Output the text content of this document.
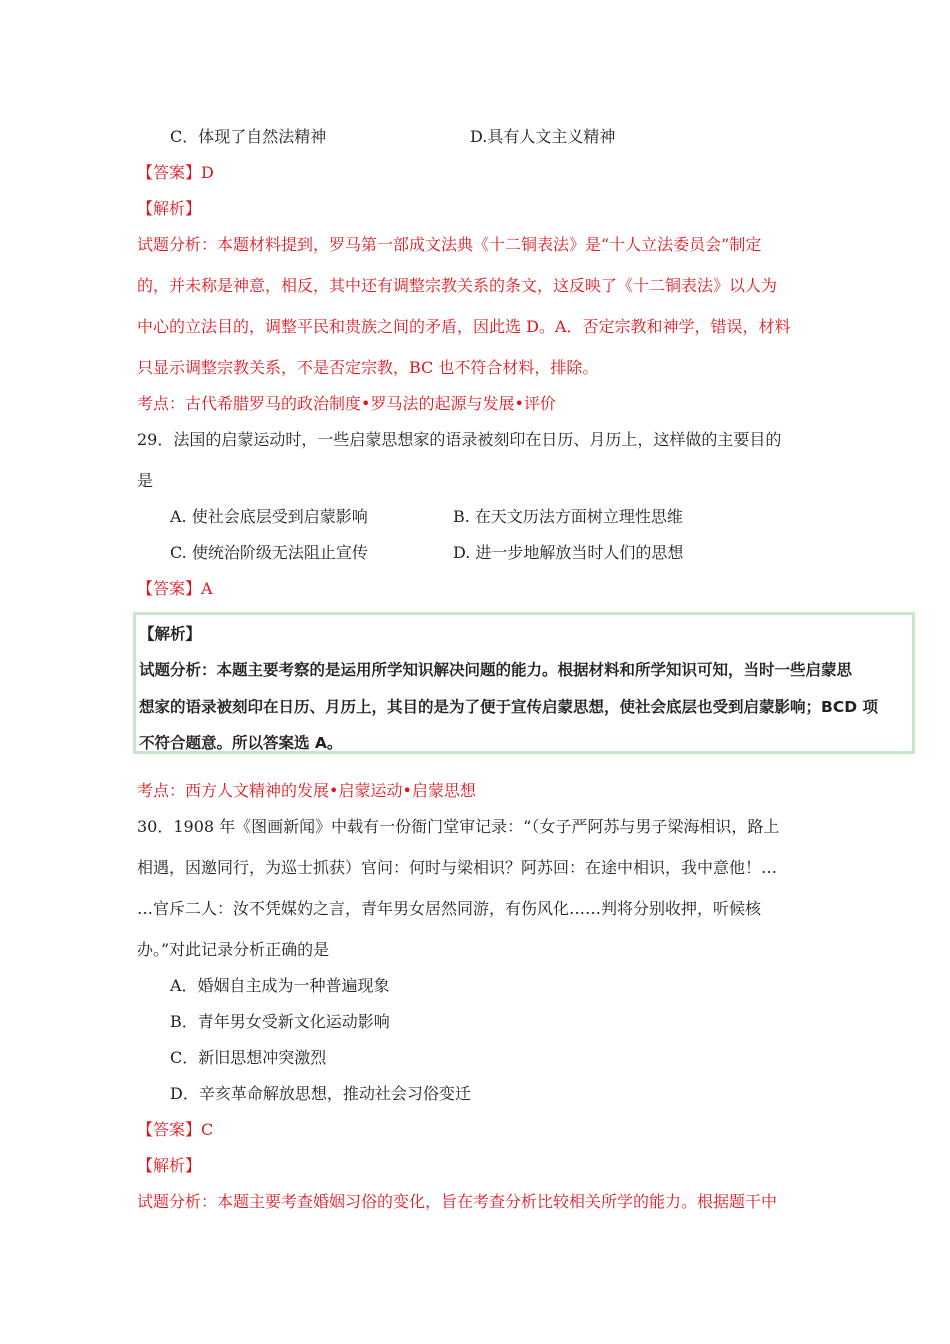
C．体现了自然法精神	D.具有人文主义精神
【答案】D
【解析】
试题分析：本题材料提到，罗马第一部成文法典《十二铜表法》是“十人立法委员会”制定
的，并未称是神意，相反，其中还有调整宗教关系的条文，这反映了《十二铜表法》以人为
中心的立法目的，调整平民和贵族之间的矛盾，因此选 D。A．否定宗教和神学，错误，材料
只显示调整宗教关系，不是否定宗教，BC 也不符合材料，排除。
考点：古代希腊罗马的政治制度•罗马法的起源与发展•评价
29．法国的启蒙运动时，一些启蒙思想家的语录被刻印在日历、月历上，这样做的主要目的
是
A. 使社会底层受到启蒙影响	B. 在天文历法方面树立理性思维
C. 使统治阶级无法阻止宣传	D. 进一步地解放当时人们的思想
【答案】A
【解析】
试题分析：本题主要考察的是运用所学知识解决问题的能力。根据材料和所学知识可知，当时一些启蒙思
想家的语录被刻印在日历、月历上，其目的是为了便于宣传启蒙思想，使社会底层也受到启蒙影响；BCD 项
不符合题意。所以答案选 A。
考点：西方人文精神的发展•启蒙运动•启蒙思想
30．1908 年《图画新闻》中载有一份衙门堂审记录：“（女子严阿苏与男子梁海相识，路上
相遇，因邀同行，为巡士抓获）官问：何时与梁相识？阿苏回：在途中相识，我中意他！…
…官斥二人：汝不凭媒妁之言，青年男女居然同游，有伤风化……判将分别收押，听候核
办。”对此记录分析正确的是
A．婚姻自主成为一种普遍现象
B．青年男女受新文化运动影响
C．新旧思想冲突激烈
D．辛亥革命解放思想，推动社会习俗变迁
【答案】C
【解析】
试题分析：本题主要考查婚姻习俗的变化，旨在考查分析比较相关所学的能力。根据题干中
